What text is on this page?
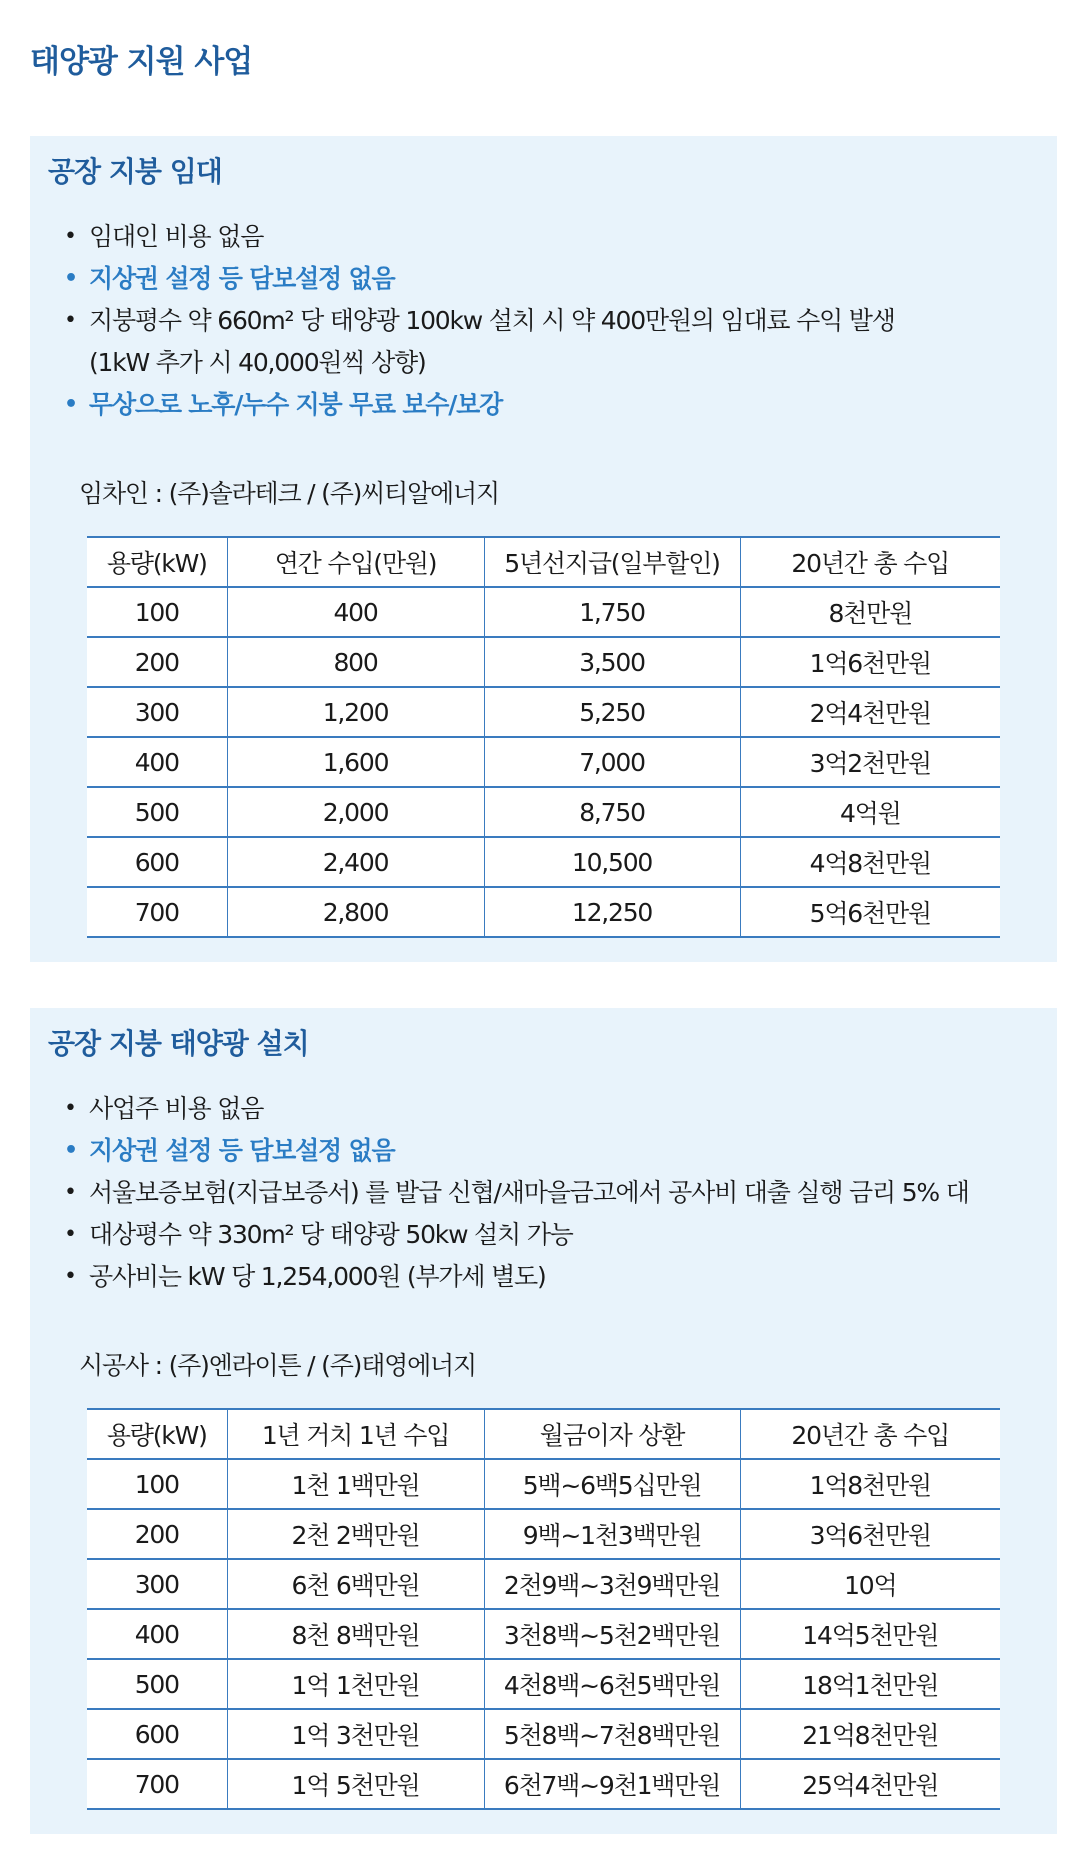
태양광 지원 사업
공장 지붕 임대
• 임대인 비용 없음
• 지상권 설정 등 담보설정 없음
• 지붕평수 약 660m² 당 태양광 100kw 설치 시 약 400만원의 임대료 수익 발생
(1kW 추가 시 40,000원씩 상향)
• 무상으로 노후/누수 지붕 무료 보수/보강
임차인 : (주)솔라테크 / (주)씨티알에너지
용량(kW)	연간 수입(만원)	5년선지급(일부할인)	20년간 총 수입
100	400	1,750	8천만원
200	800	3,500	1억6천만원
300	1,200	5,250	2억4천만원
400	1,600	7,000	3억2천만원
500	2,000	8,750	4억원
600	2,400	10,500	4억8천만원
700	2,800	12,250	5억6천만원
공장 지붕 태양광 설치
• 사업주 비용 없음
• 지상권 설정 등 담보설정 없음
• 서울보증보험(지급보증서) 를 발급 신협/새마을금고에서 공사비 대출 실행 금리 5% 대
• 대상평수 약 330m² 당 태양광 50kw 설치 가능
• 공사비는 kW 당 1,254,000원 (부가세 별도)
시공사 : (주)엔라이튼 / (주)태영에너지
용량(kW)	1년 거치 1년 수입	월금이자 상환	20년간 총 수입
100	1천 1백만원	5백~6백5십만원	1억8천만원
200	2천 2백만원	9백~1천3백만원	3억6천만원
300	6천 6백만원	2천9백~3천9백만원	10억
400	8천 8백만원	3천8백~5천2백만원	14억5천만원
500	1억 1천만원	4천8백~6천5백만원	18억1천만원
600	1억 3천만원	5천8백~7천8백만원	21억8천만원
700	1억 5천만원	6천7백~9천1백만원	25억4천만원
